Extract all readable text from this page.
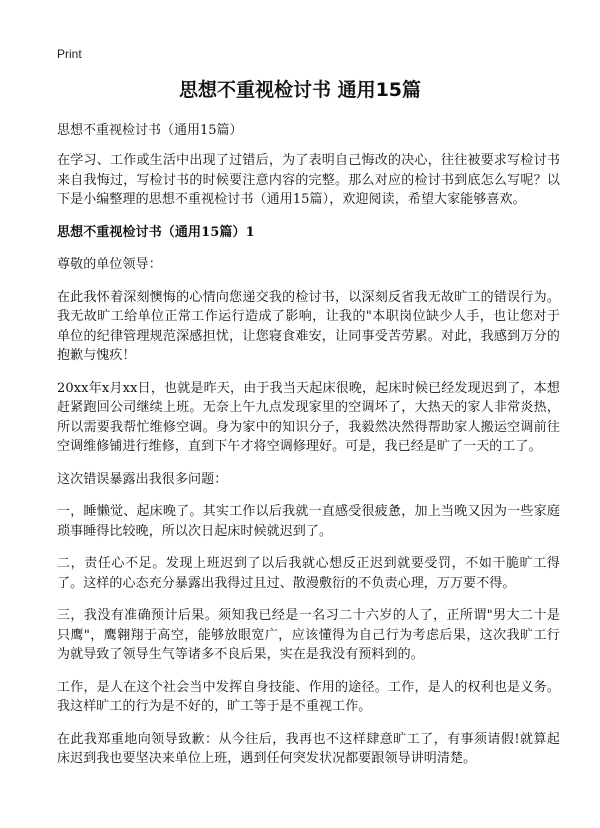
Print
思想不重视检讨书 通用15篇
思想不重视检讨书（通用15篇）

在学习、工作或生活中出现了过错后，为了表明自己悔改的决心，往往被要求写检讨书来自我悔过，写检讨书的时候要注意内容的完整。那么对应的检讨书到底怎么写呢？以下是小编整理的思想不重视检讨书（通用15篇），欢迎阅读，希望大家能够喜欢。

思想不重视检讨书（通用15篇）1

尊敬的单位领导：

在此我怀着深刻懊悔的心情向您递交我的检讨书，以深刻反省我无故旷工的错误行为。我无故旷工给单位正常工作运行造成了影响，让我的"本职岗位缺少人手，也让您对于单位的纪律管理规范深感担忧，让您寝食难安，让同事受苦劳累。对此，我感到万分的抱歉与愧疚！

20xx年x月xx日，也就是昨天，由于我当天起床很晚，起床时候已经发现迟到了，本想赶紧跑回公司继续上班。无奈上午九点发现家里的空调坏了，大热天的家人非常炎热，所以需要我帮忙维修空调。身为家中的知识分子，我毅然决然得帮助家人搬运空调前往空调维修铺进行维修，直到下午才将空调修理好。可是，我已经是旷了一天的工了。

这次错误暴露出我很多问题：

一，睡懒觉、起床晚了。其实工作以后我就一直感受很疲惫，加上当晚又因为一些家庭琐事睡得比较晚，所以次日起床时候就迟到了。

二，责任心不足。发现上班迟到了以后我就心想反正迟到就要受罚，不如干脆旷工得了。这样的心态充分暴露出我得过且过、散漫敷衍的不负责心理，万万要不得。

三，我没有准确预计后果。须知我已经是一名习二十六岁的人了，正所谓"男大二十是只鹰"，鹰翱翔于高空，能够放眼宽广，应该懂得为自己行为考虑后果，这次我旷工行为就导致了领导生气等诸多不良后果，实在是我没有预料到的。

工作，是人在这个社会当中发挥自身技能、作用的途径。工作，是人的权利也是义务。我这样旷工的行为是不好的，旷工等于是不重视工作。

在此我郑重地向领导致歉：从今往后，我再也不这样肆意旷工了，有事须请假!就算起床迟到我也要坚决来单位上班，遇到任何突发状况都要跟领导讲明清楚。
